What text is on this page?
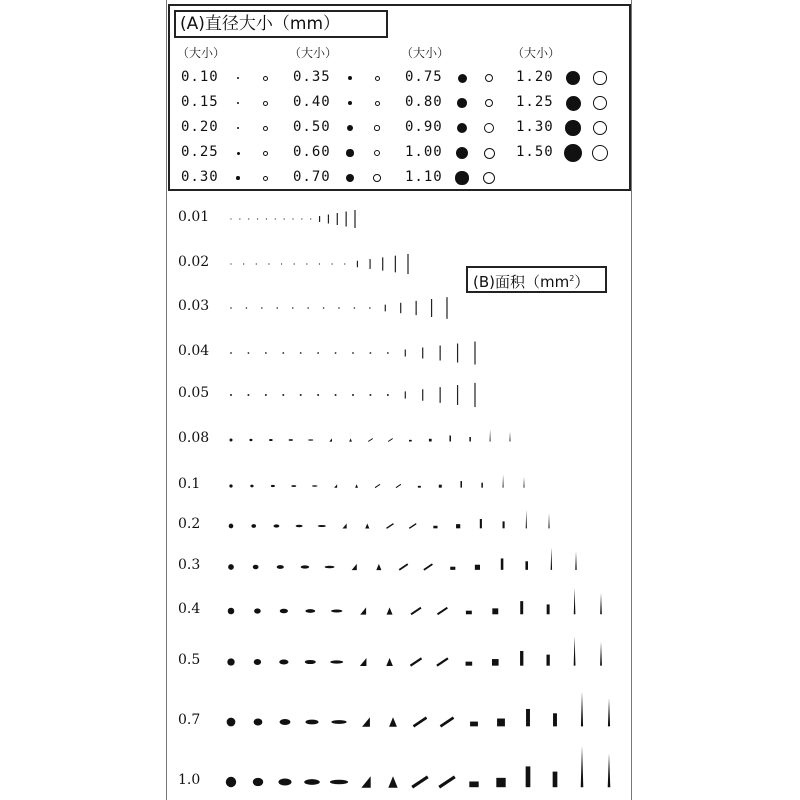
(A)直径大小（mm）
（大小）
0.10
0.15
0.20
0.25
0.30
（大小）
0.35
0.40
0.50
0.60
0.70
（大小）
0.75
0.80
0.90
1.00
1.10
（大小）
1.20
1.25
1.30
1.50
(B)面积$(mm^2)$
0.01
0.02
0.03
0.04
0.05
0.08
0.1
0.2
0.3
0.4
0.5
0.7
1.0
